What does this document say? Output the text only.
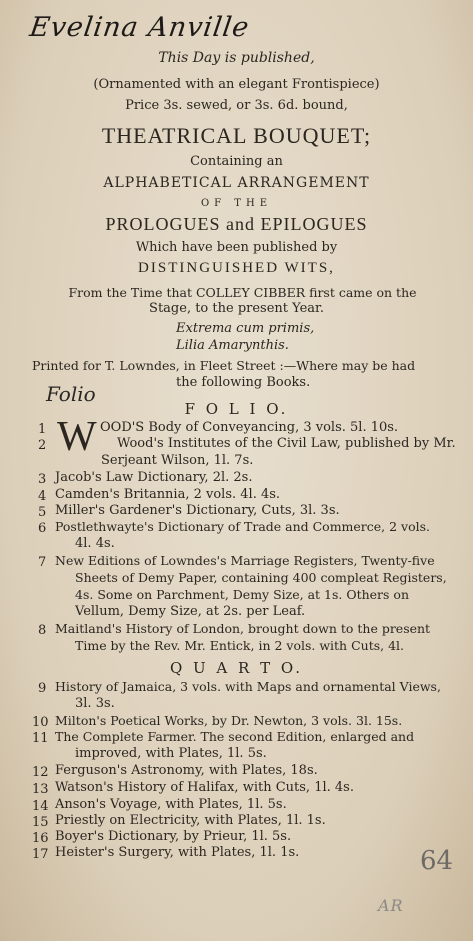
Evelina Anville
This Day is published,
(Ornamented with an elegant Frontispiece)
Price 3s. sewed, or 3s. 6d. bound,
THEATRICAL BOUQUET;
Containing an
ALPHABETICAL ARRANGEMENT
OF THE
PROLOGUES and EPILOGUES
Which have been published by
DISTINGUISHED WITS,
From the Time that COLLEY CIBBER first came on the
Stage, to the present Year.
Extrema cum primis,
Lilia Amarynthis.
Printed for T. Lowndes, in Fleet Street :—Where may be had
the following Books.
Folio
F O L I O.
W
1	OOD'S Body of Conveyancing, 3 vols. 5l. 10s.
2	Wood's Institutes of the Civil Law, published by Mr.
Serjeant Wilson, 1l. 7s.
3 Jacob's Law Dictionary, 2l. 2s.
4 Camden's Britannia, 2 vols. 4l. 4s.
5 Miller's Gardener's Dictionary, Cuts, 3l. 3s.
6 Postlethwayte's Dictionary of Trade and Commerce, 2 vols.
4l. 4s.
7 New Editions of Lowndes's Marriage Registers, Twenty-five
Sheets of Demy Paper, containing 400 compleat Registers,
4s. Some on Parchment, Demy Size, at 1s. Others on
Vellum, Demy Size, at 2s. per Leaf.
8 Maitland's History of London, brought down to the present
Time by the Rev. Mr. Entick, in 2 vols. with Cuts, 4l.
Q U A R T O.
9 History of Jamaica, 3 vols. with Maps and ornamental Views,
3l. 3s.
10 Milton's Poetical Works, by Dr. Newton, 3 vols. 3l. 15s.
11 The Complete Farmer. The second Edition, enlarged and
improved, with Plates, 1l. 5s.
12 Ferguson's Astronomy, with Plates, 18s.
13 Watson's History of Halifax, with Cuts, 1l. 4s.
14 Anson's Voyage, with Plates, 1l. 5s.
15 Priestly on Electricity, with Plates, 1l. 1s.
16 Boyer's Dictionary, by Prieur, 1l. 5s.
17 Heister's Surgery, with Plates, 1l. 1s.	64
AR
